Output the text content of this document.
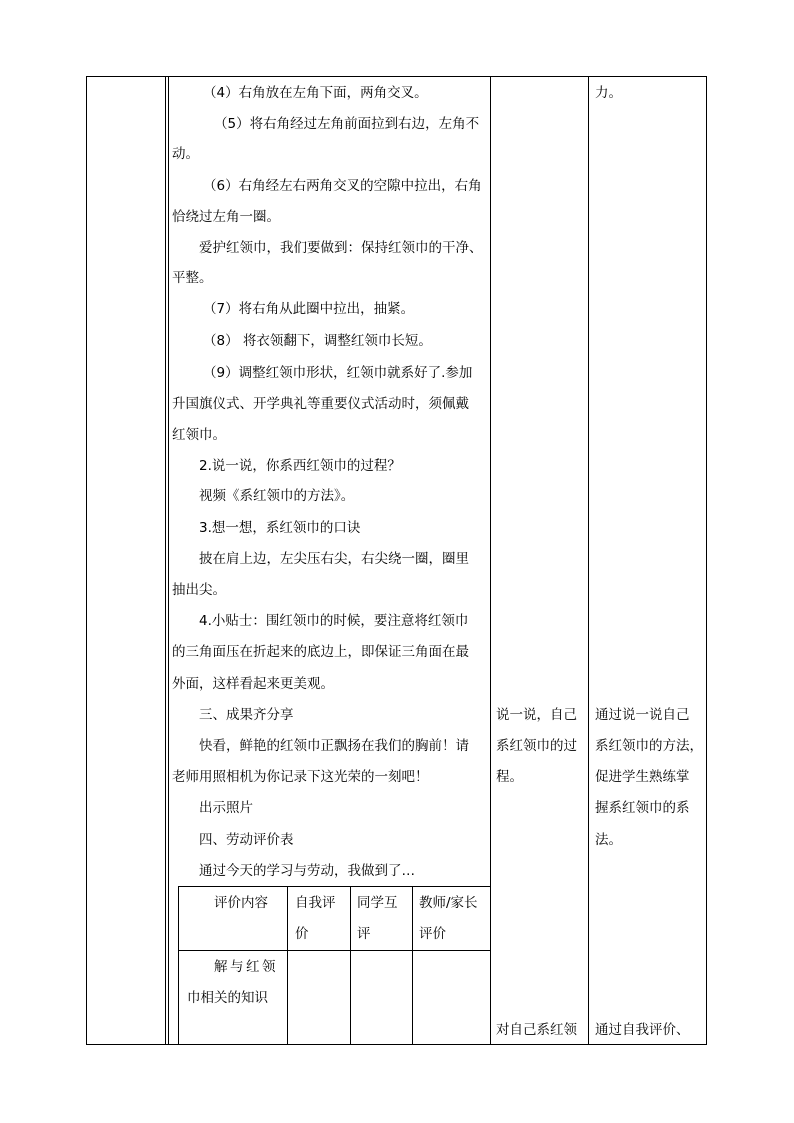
（4）右角放在左角下面，两角交叉。
（5）将右角经过左角前面拉到右边，左角不
动。
（6）右角经左右两角交叉的空隙中拉出，右角
恰绕过左角一圈。
爱护红领巾，我们要做到：保持红领巾的干净、
平整。
（7）将右角从此圈中拉出，抽紧。
（8） 将衣领翻下，调整红领巾长短。
（9）调整红领巾形状，红领巾就系好了.参加
升国旗仪式、开学典礼等重要仪式活动时，须佩戴
红领巾。
2.说一说，你系西红领巾的过程？
视频《系红领巾的方法》。
3.想一想，系红领巾的口诀
披在肩上边，左尖压右尖，右尖绕一圈，圈里
抽出尖。
4.小贴士：围红领巾的时候，要注意将红领巾
的三角面压在折起来的底边上，即保证三角面在最
外面，这样看起来更美观。
三、成果齐分享
快看，鲜艳的红领巾正飘扬在我们的胸前！请
老师用照相机为你记录下这光荣的一刻吧！
出示照片
四、劳动评价表
通过今天的学习与劳动，我做到了…
评价内容 自我评
价
同学互
评
教师/家长
评价
解与红领
巾相关的知识
说一说，自己
系红领巾的过
程。
对自己系红领
力。
通过说一说自己
系红领巾的方法，
促进学生熟练掌
握系红领巾的系
法。
通过自我评价、
